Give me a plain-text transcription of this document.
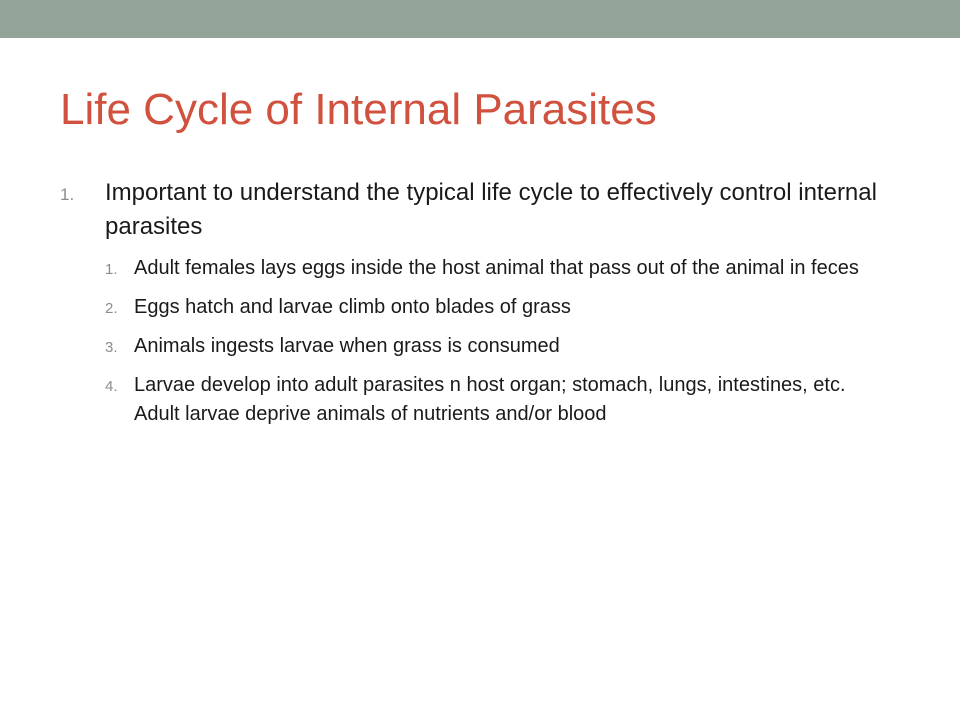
Life Cycle of Internal Parasites
1. Important to understand the typical life cycle to effectively control internal parasites
1. Adult females lays eggs inside the host animal that pass out of the animal in feces
2. Eggs hatch and larvae climb onto blades of grass
3. Animals ingests larvae when grass is consumed
4. Larvae develop into adult parasites n host organ; stomach, lungs, intestines, etc. Adult larvae deprive animals of nutrients and/or blood
